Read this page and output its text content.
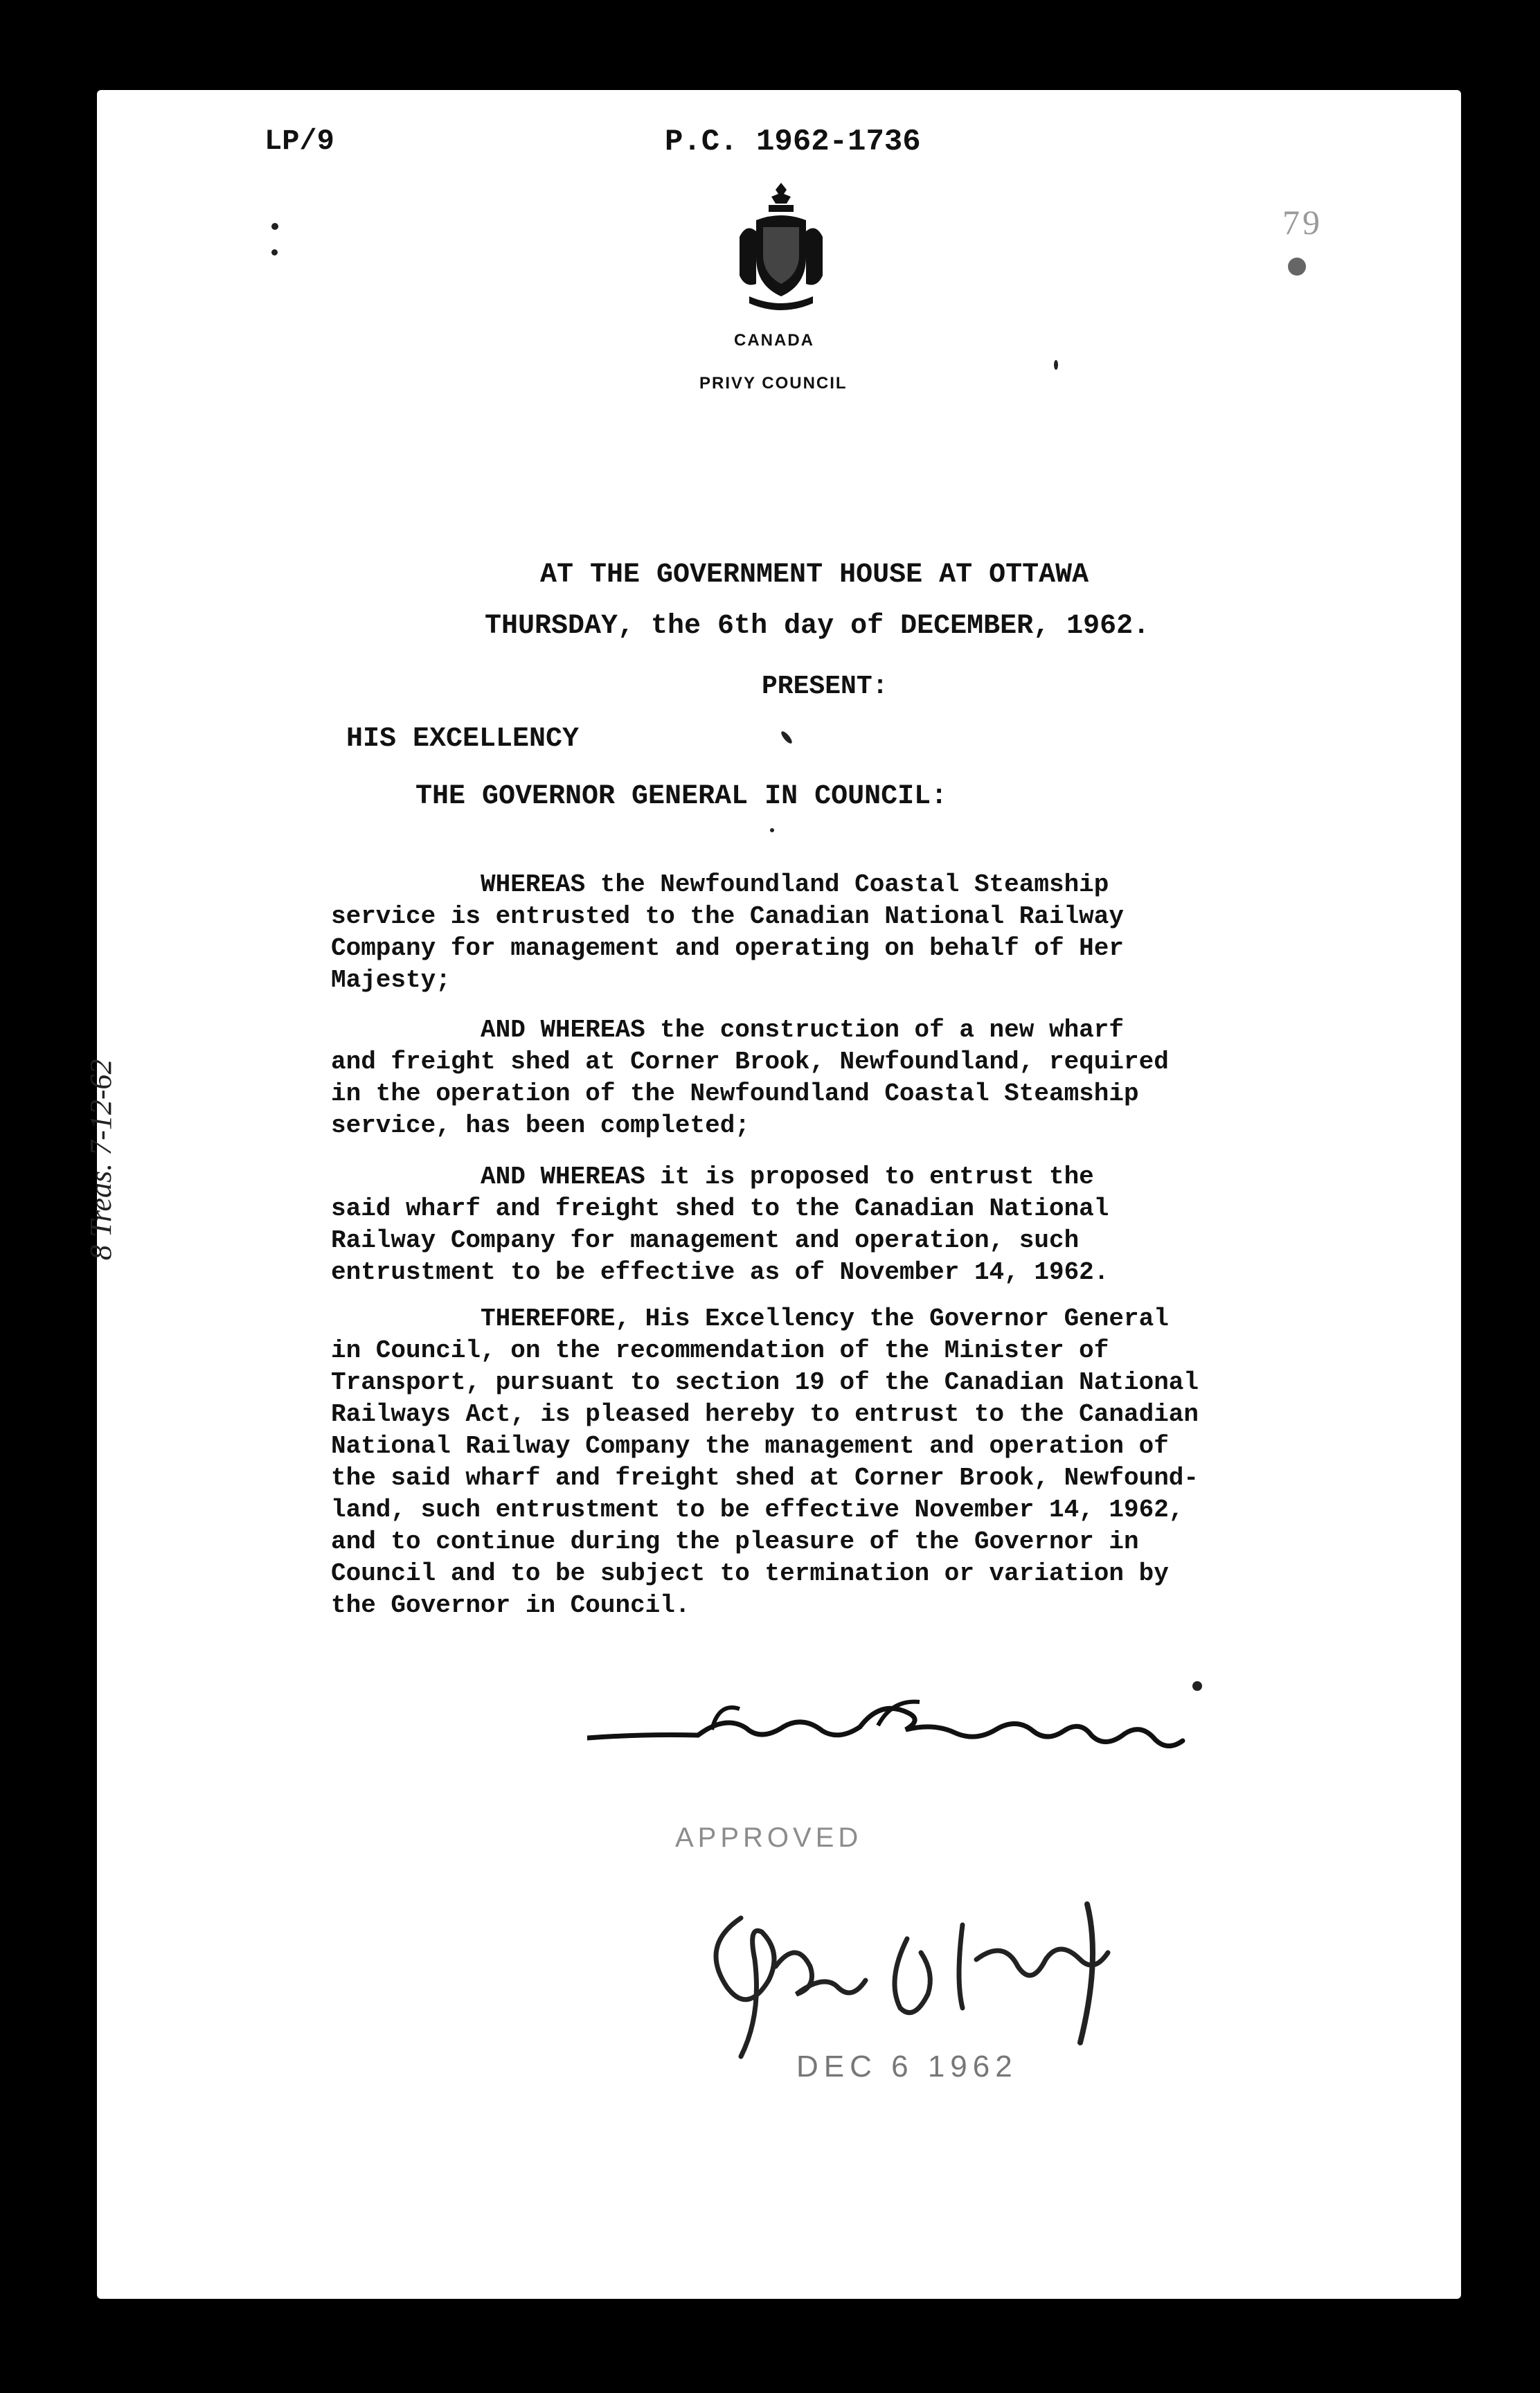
LP/9	P.C. 1962-1736
79
CANADA
PRIVY COUNCIL
AT THE GOVERNMENT HOUSE AT OTTAWA
THURSDAY, the 6th day of DECEMBER, 1962.
PRESENT:
HIS EXCELLENCY
THE GOVERNOR GENERAL IN COUNCIL:
WHEREAS the Newfoundland Coastal Steamship
service is entrusted to the Canadian National Railway
Company for management and operating on behalf of Her
Majesty;
AND WHEREAS the construction of a new wharf
and freight shed at Corner Brook, Newfoundland, required
in the operation of the Newfoundland Coastal Steamship
service, has been completed;
AND WHEREAS it is proposed to entrust the
said wharf and freight shed to the Canadian National
Railway Company for management and operation, such
entrustment to be effective as of November 14, 1962.
THEREFORE, His Excellency the Governor General
in Council, on the recommendation of the Minister of
Transport, pursuant to section 19 of the Canadian National
Railways Act, is pleased hereby to entrust to the Canadian
National Railway Company the management and operation of
the said wharf and freight shed at Corner Brook, Newfound-
land, such entrustment to be effective November 14, 1962,
and to continue during the pleasure of the Governor in
Council and to be subject to termination or variation by
the Governor in Council.
8 Treas. 7-12-62
APPROVED
DEC 6 1962
